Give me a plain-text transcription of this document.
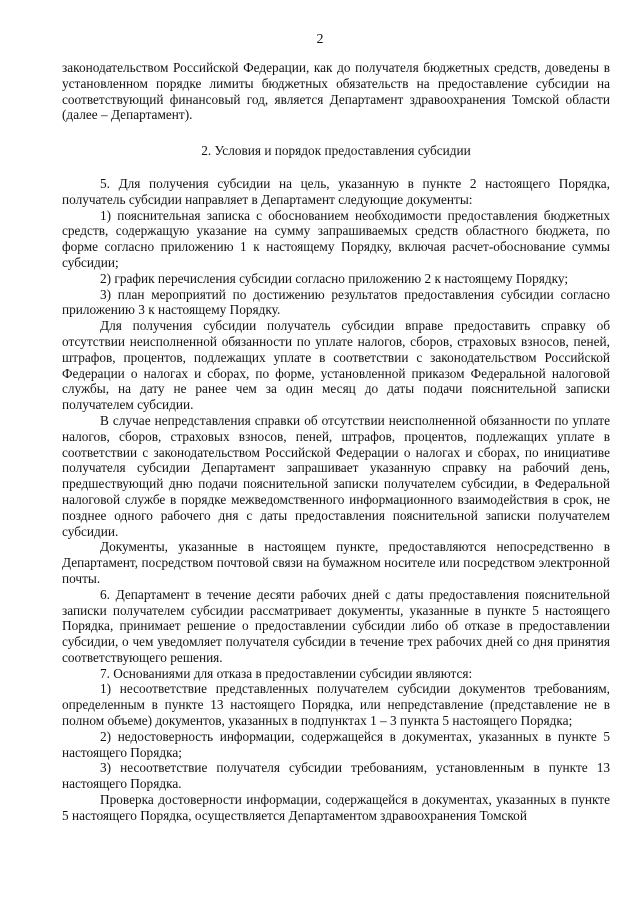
2

законодательством Российской Федерации, как до получателя бюджетных средств, доведены в установленном порядке лимиты бюджетных обязательств на предоставление субсидии на соответствующий финансовый год, является Департамент здравоохранения Томской области (далее – Департамент).

2. Условия и порядок предоставления субсидии

5. Для получения субсидии на цель, указанную в пункте 2 настоящего Порядка, получатель субсидии направляет в Департамент следующие документы:

1) пояснительная записка с обоснованием необходимости предоставления бюджетных средств, содержащую указание на сумму запрашиваемых средств областного бюджета, по форме согласно приложению 1 к настоящему Порядку, включая расчет-обоснование суммы субсидии;

2) график перечисления субсидии согласно приложению 2 к настоящему Порядку;

3) план мероприятий по достижению результатов предоставления субсидии согласно приложению 3 к настоящему Порядку.

Для получения субсидии получатель субсидии вправе предоставить справку об отсутствии неисполненной обязанности по уплате налогов, сборов, страховых взносов, пеней, штрафов, процентов, подлежащих уплате в соответствии с законодательством Российской Федерации о налогах и сборах, по форме, установленной приказом Федеральной налоговой службы, на дату не ранее чем за один месяц до даты подачи пояснительной записки получателем субсидии.

В случае непредставления справки об отсутствии неисполненной обязанности по уплате налогов, сборов, страховых взносов, пеней, штрафов, процентов, подлежащих уплате в соответствии с законодательством Российской Федерации о налогах и сборах, по инициативе получателя субсидии Департамент запрашивает указанную справку на рабочий день, предшествующий дню подачи пояснительной записки получателем субсидии, в Федеральной налоговой службе в порядке межведомственного информационного взаимодействия в срок, не позднее одного рабочего дня с даты предоставления пояснительной записки получателем субсидии.

Документы, указанные в настоящем пункте, предоставляются непосредственно в Департамент, посредством почтовой связи на бумажном носителе или посредством электронной почты.

6. Департамент в течение десяти рабочих дней с даты предоставления пояснительной записки получателем субсидии рассматривает документы, указанные в пункте 5 настоящего Порядка, принимает решение о предоставлении субсидии либо об отказе в предоставлении субсидии, о чем уведомляет получателя субсидии в течение трех рабочих дней со дня принятия соответствующего решения.

7. Основаниями для отказа в предоставлении субсидии являются:

1) несоответствие представленных получателем субсидии документов требованиям, определенным в пункте 13 настоящего Порядка, или непредставление (представление не в полном объеме) документов, указанных в подпунктах 1 – 3 пункта 5 настоящего Порядка;

2) недостоверность информации, содержащейся в документах, указанных в пункте 5 настоящего Порядка;

3) несоответствие получателя субсидии требованиям, установленным в пункте 13 настоящего Порядка.

Проверка достоверности информации, содержащейся в документах, указанных в пункте 5 настоящего Порядка, осуществляется Департаментом здравоохранения Томской
